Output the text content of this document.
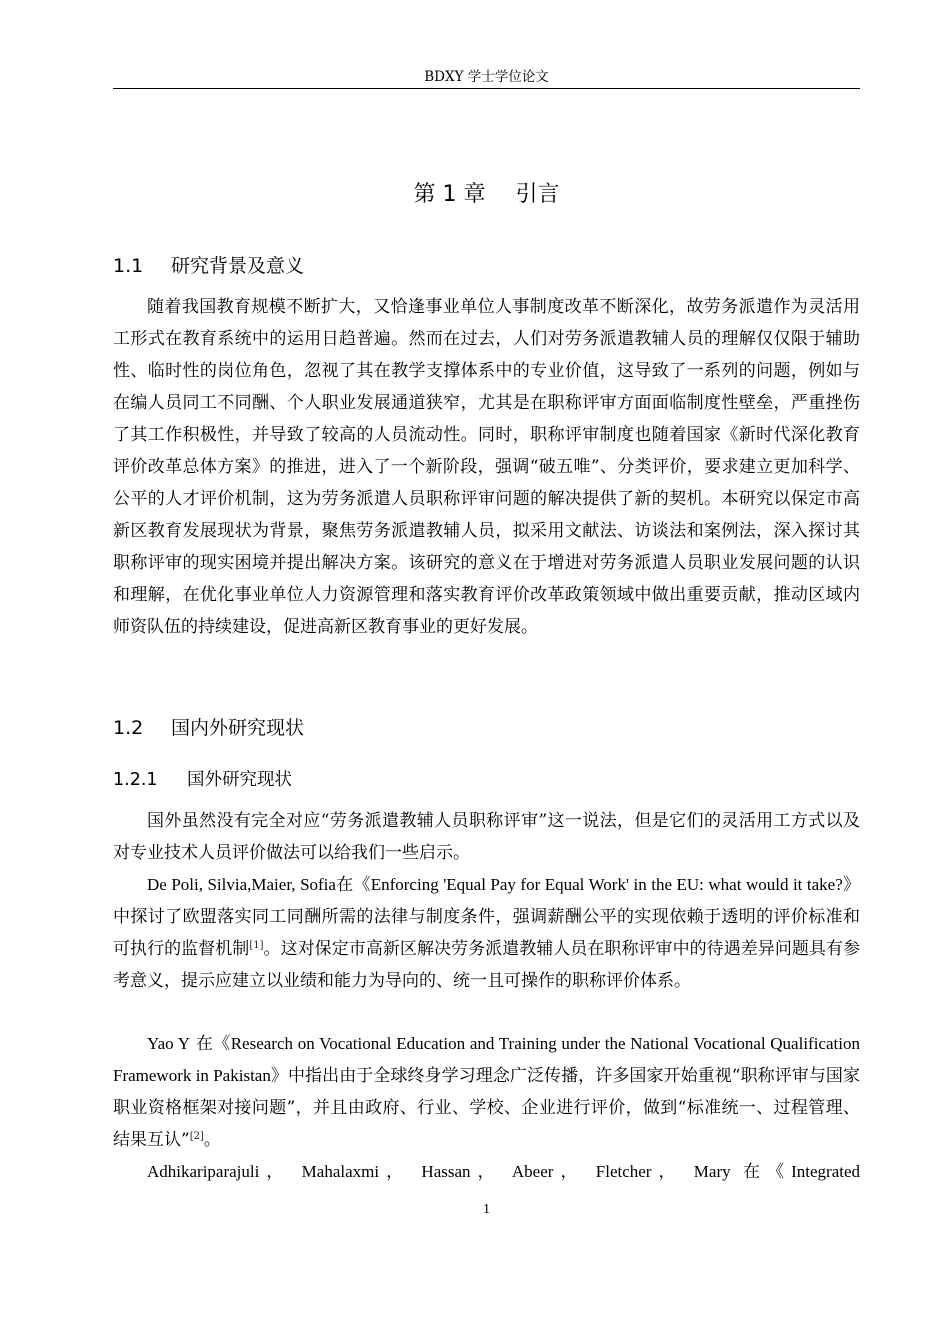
BDXY 学士学位论文
第 1 章 引言
1.1 研究背景及意义

随着我国教育规模不断扩大，又恰逢事业单位人事制度改革不断深化，故劳务派遣作为灵活用工形式在教育系统中的运用日趋普遍。然而在过去，人们对劳务派遣教辅人员的理解仅仅限于辅助性、临时性的岗位角色，忽视了其在教学支撑体系中的专业价值，这导致了一系列的问题，例如与在编人员同工不同酬、个人职业发展通道狭窄，尤其是在职称评审方面面临制度性壁垒，严重挫伤了其工作积极性，并导致了较高的人员流动性。同时，职称评审制度也随着国家《新时代深化教育评价改革总体方案》的推进，进入了一个新阶段，强调“破五唯”、分类评价，要求建立更加科学、公平的人才评价机制，这为劳务派遣人员职称评审问题的解决提供了新的契机。本研究以保定市高新区教育发展现状为背景，聚焦劳务派遣教辅人员，拟采用文献法、访谈法和案例法，深入探讨其职称评审的现实困境并提出解决方案。该研究的意义在于增进对劳务派遣人员职业发展问题的认识和理解，在优化事业单位人力资源管理和落实教育评价改革政策领域中做出重要贡献，推动区域内师资队伍的持续建设，促进高新区教育事业的更好发展。

1.2 国内外研究现状
1.2.1 国外研究现状

国外虽然没有完全对应“劳务派遣教辅人员职称评审”这一说法，但是它们的灵活用工方式以及对专业技术人员评价做法可以给我们一些启示。

De Poli, Silvia,Maier, Sofia在《Enforcing 'Equal Pay for Equal Work' in the EU: what would it take?》中探讨了欧盟落实同工同酬所需的法律与制度条件，强调薪酬公平的实现依赖于透明的评价标准和可执行的监督机制[1]。这对保定市高新区解决劳务派遣教辅人员在职称评审中的待遇差异问题具有参考意义，提示应建立以业绩和能力为导向的、统一且可操作的职称评价体系。

Yao Y 在《Research on Vocational Education and Training under the National Vocational Qualification Framework in Pakistan》中指出由于全球终身学习理念广泛传播，许多国家开始重视“职称评审与国家职业资格框架对接问题”，并且由政府、行业、学校、企业进行评价，做到“标准统一、过程管理、结果互认”[2]。

Adhikariparajuli， Mahalaxmi， Hassan， Abeer， Fletcher， Mary 在《Integrated

1
